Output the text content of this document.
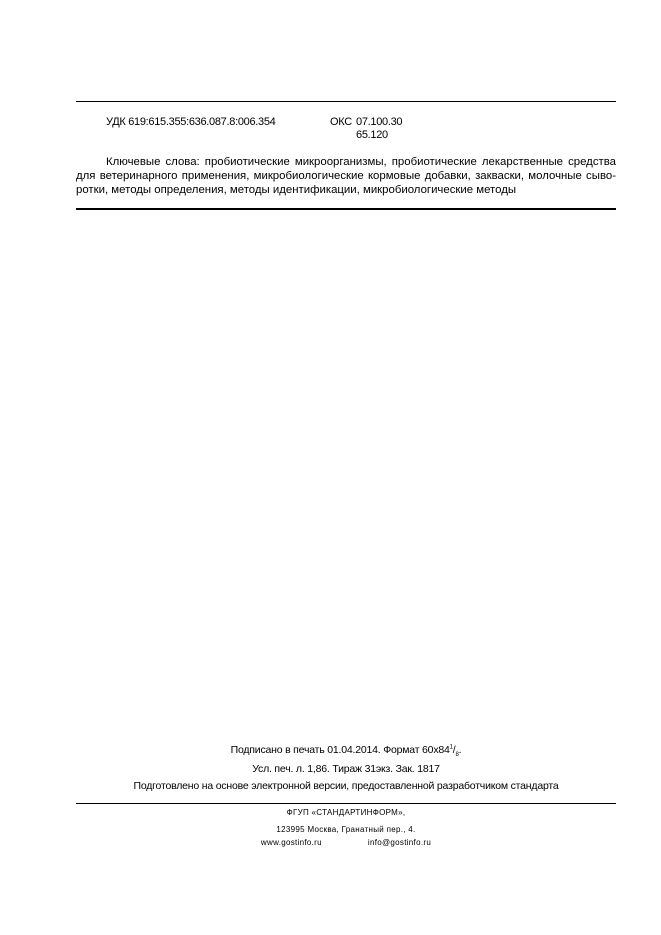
УДК 619:615.355:636.087.8:006.354	ОКС 07.100.30
65.120
Ключевые слова: пробиотические микроорганизмы, пробиотические лекарственные средства
для ветеринарного применения, микробиологические кормовые добавки, закваски, молочные сыво-
ротки, методы определения, методы идентификации, микробиологические методы
Подписано в печать 01.04.2014. Формат $60x84^1/_8$.
Усл. печ. л. 1,86. Тираж 31экз. Зак. 1817
Подготовлено на основе электронной версии, предоставленной разработчиком стандарта
ФГУП «СТАНДАРТИНФОРМ»,
123995 Москва, Гранатный пер., 4.
www.gostinfo.ru	info@gostinfo.ru
